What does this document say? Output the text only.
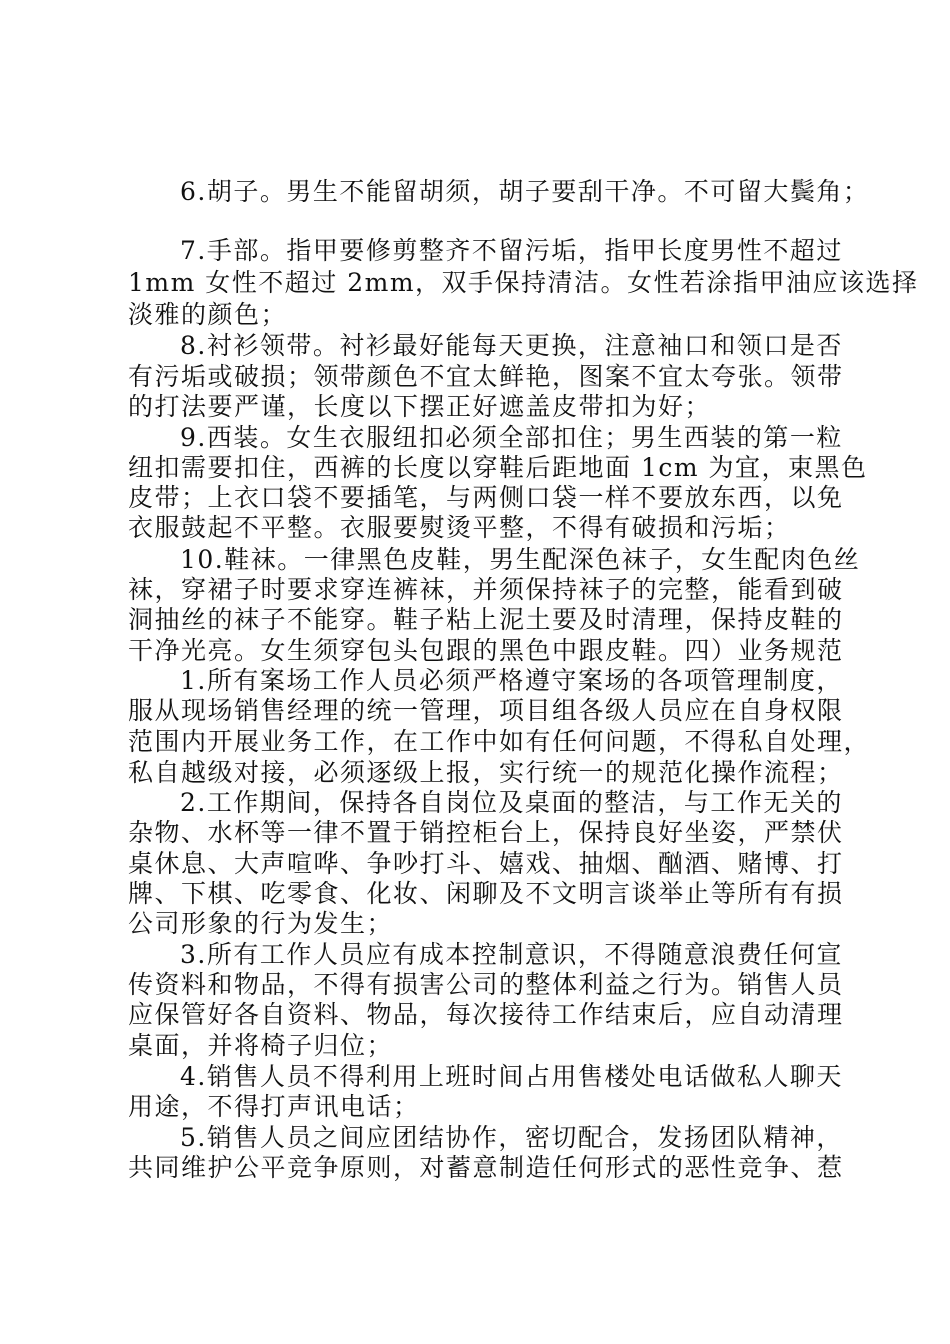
6.胡子。男生不能留胡须，胡子要刮干净。不可留大鬓角；

7.手部。指甲要修剪整齐不留污垢，指甲长度男性不超过

1mm 女性不超过 2mm，双手保持清洁。女性若涂指甲油应该选择

淡雅的颜色；

8.衬衫领带。衬衫最好能每天更换，注意袖口和领口是否

有污垢或破损；领带颜色不宜太鲜艳，图案不宜太夸张。领带

的打法要严谨，长度以下摆正好遮盖皮带扣为好；

9.西装。女生衣服纽扣必须全部扣住；男生西装的第一粒

纽扣需要扣住，西裤的长度以穿鞋后距地面 1cm 为宜，束黑色

皮带；上衣口袋不要插笔，与两侧口袋一样不要放东西，以免

衣服鼓起不平整。衣服要熨烫平整，不得有破损和污垢；

10.鞋袜。一律黑色皮鞋，男生配深色袜子，女生配肉色丝

袜，穿裙子时要求穿连裤袜，并须保持袜子的完整，能看到破

洞抽丝的袜子不能穿。鞋子粘上泥土要及时清理，保持皮鞋的

干净光亮。女生须穿包头包跟的黑色中跟皮鞋。四）业务规范

1.所有案场工作人员必须严格遵守案场的各项管理制度，

服从现场销售经理的统一管理，项目组各级人员应在自身权限

范围内开展业务工作，在工作中如有任何问题，不得私自处理，

私自越级对接，必须逐级上报，实行统一的规范化操作流程；

2.工作期间，保持各自岗位及桌面的整洁，与工作无关的

杂物、水杯等一律不置于销控柜台上，保持良好坐姿，严禁伏

桌休息、大声喧哗、争吵打斗、嬉戏、抽烟、酗酒、赌博、打

牌、下棋、吃零食、化妆、闲聊及不文明言谈举止等所有有损

公司形象的行为发生；

3.所有工作人员应有成本控制意识，不得随意浪费任何宣

传资料和物品，不得有损害公司的整体利益之行为。销售人员

应保管好各自资料、物品，每次接待工作结束后，应自动清理

桌面，并将椅子归位；

4.销售人员不得利用上班时间占用售楼处电话做私人聊天

用途，不得打声讯电话；

5.销售人员之间应团结协作，密切配合，发扬团队精神，

共同维护公平竞争原则，对蓄意制造任何形式的恶性竞争、惹
